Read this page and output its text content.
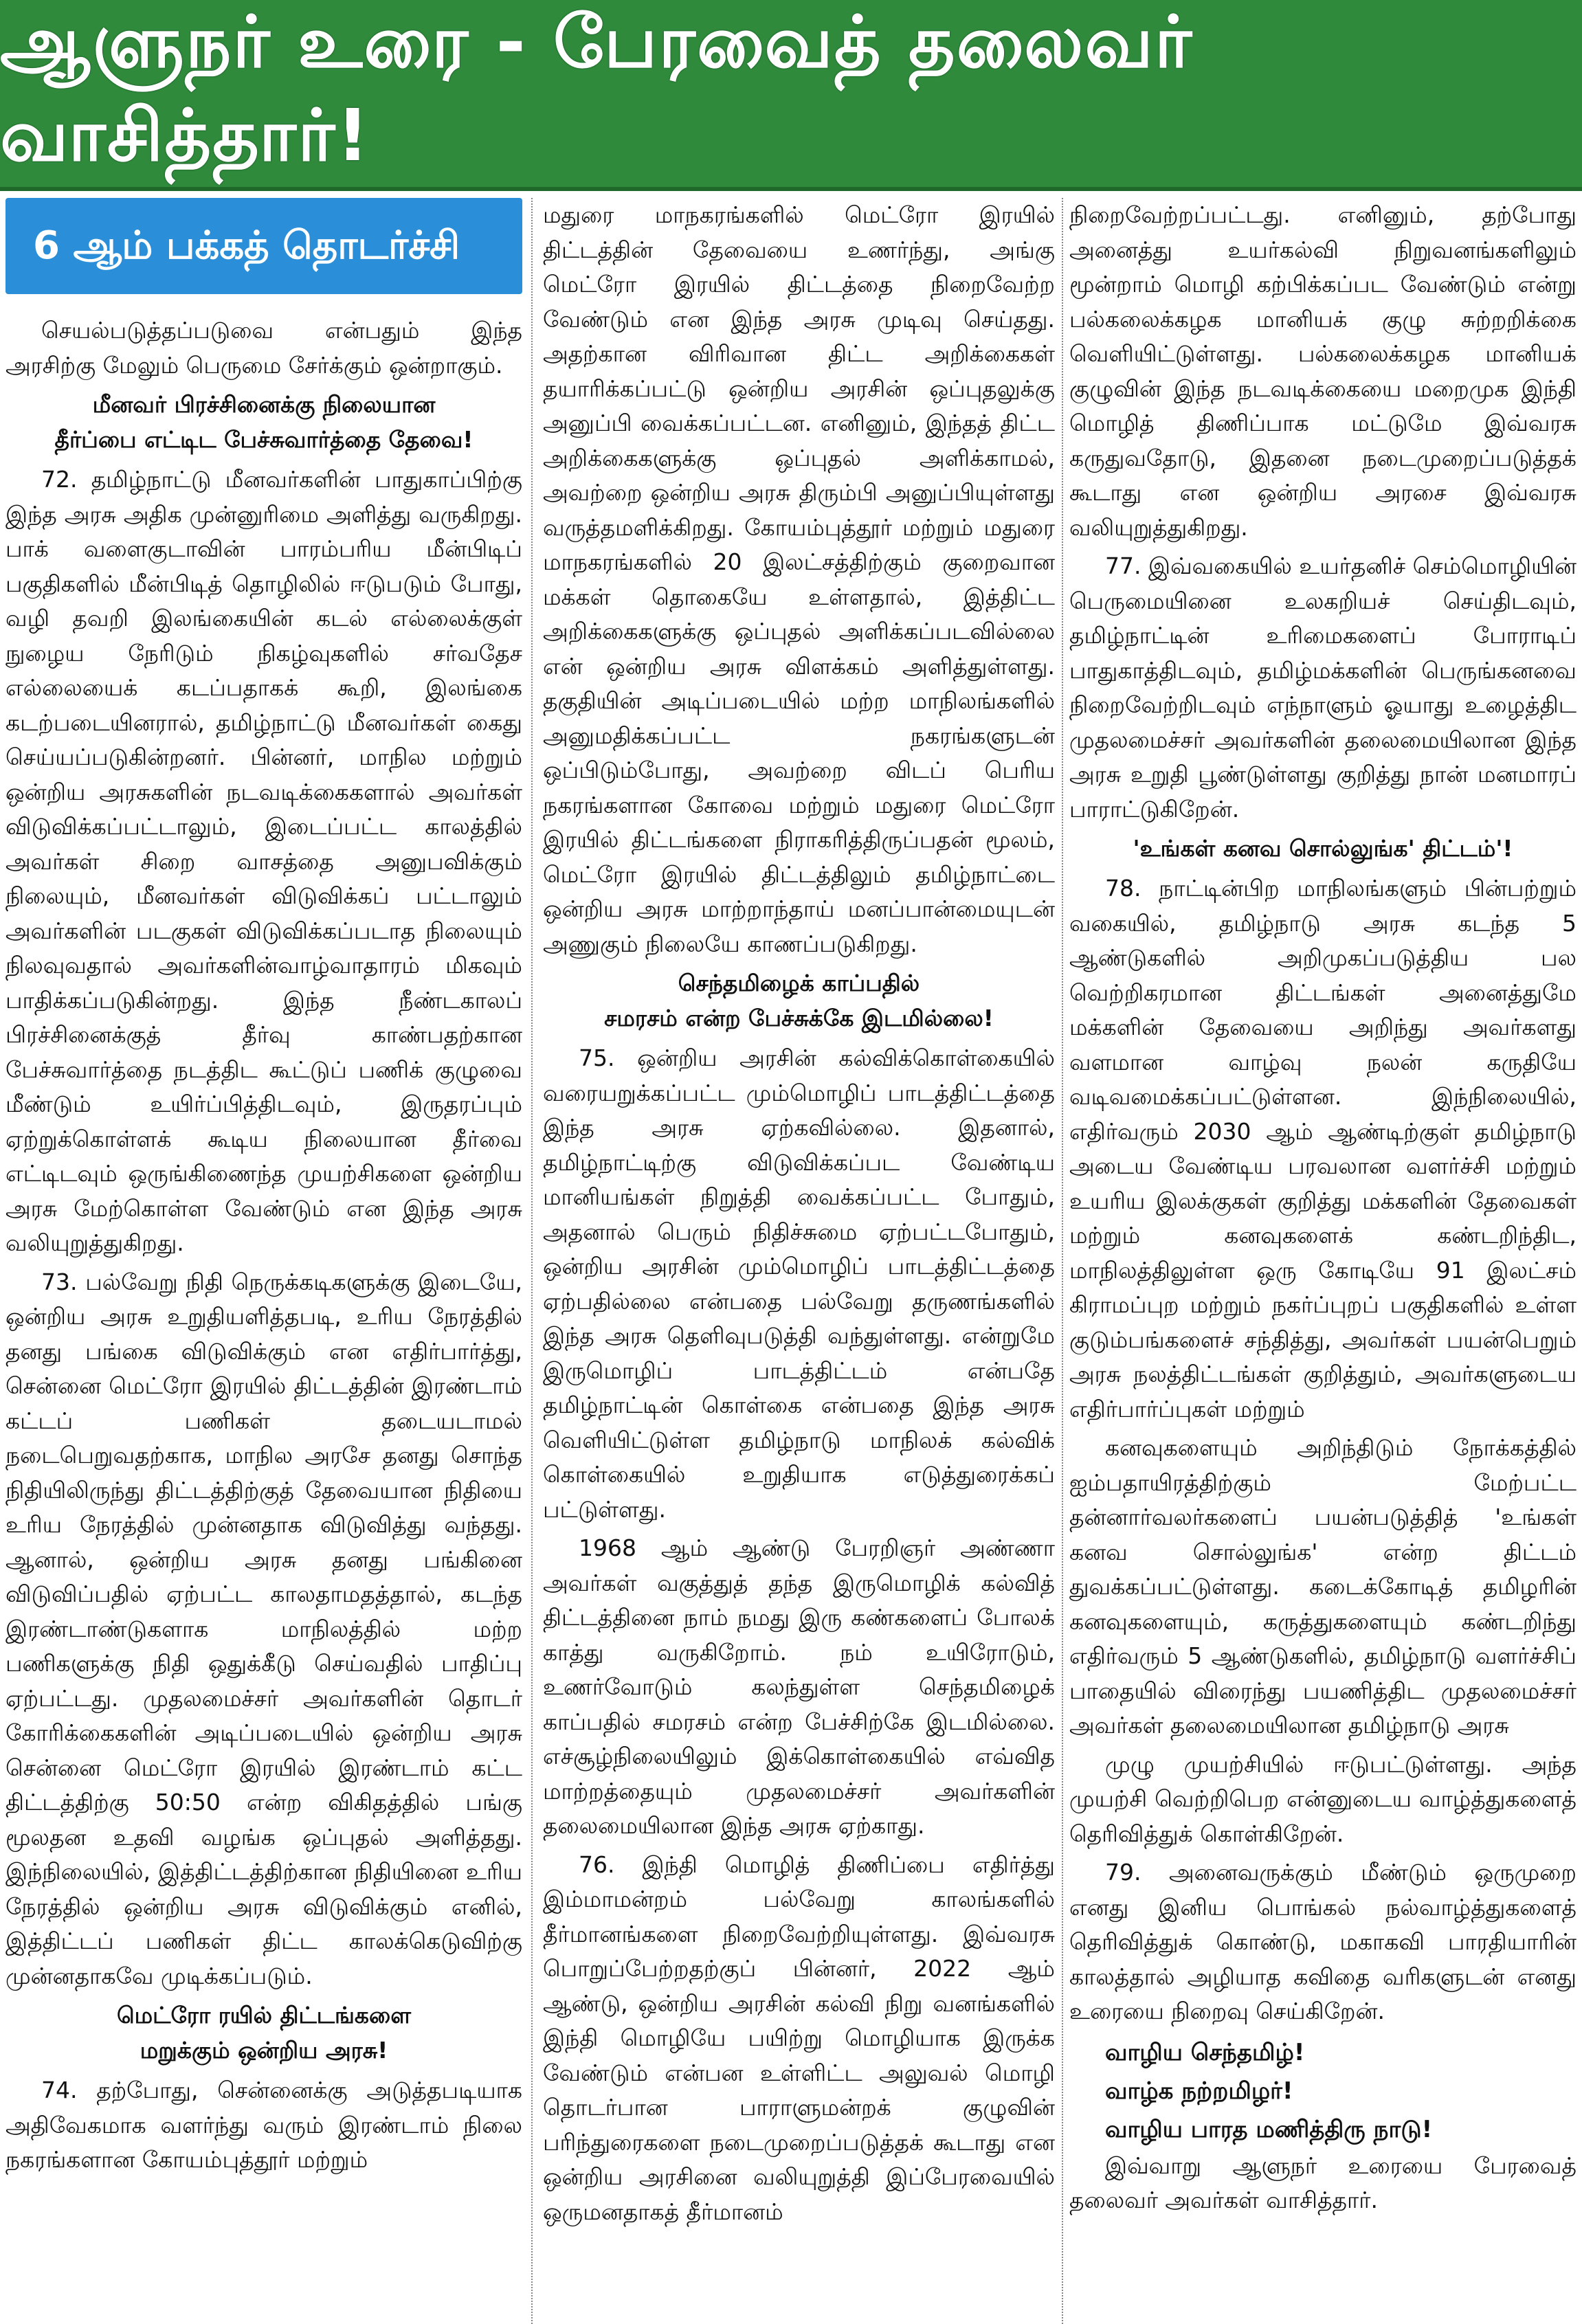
ஆளுநர் உரை - பேரவைத் தலைவர் வாசித்தார்!
6 ஆம் பக்கத் தொடர்ச்சி

செயல்படுத்தப்படுவை என்பதும் இந்த அரசிற்கு மேலும் பெருமை சேர்க்கும் ஒன்றாகும்.

மீனவர் பிரச்சினைக்கு நிலையான
தீர்ப்பை எட்டிட பேச்சுவார்த்தை தேவை!

72. தமிழ்நாட்டு மீனவர்களின் பாதுகாப்பிற்கு இந்த அரசு அதிக முன்னுரிமை அளித்து வருகிறது. பாக் வளைகுடாவின் பாரம்பரிய மீன்பிடிப் பகுதிகளில் மீன்பிடித் தொழிலில் ஈடுபடும் போது, வழி தவறி இலங்கையின் கடல் எல்லைக்குள் நுழைய நேரிடும் நிகழ்வுகளில் சர்வதேச எல்லையைக் கடப்பதாகக் கூறி, இலங்கை கடற்படையினரால், தமிழ்நாட்டு மீனவர்கள் கைது செய்யப்படுகின்றனர். பின்னர், மாநில மற்றும் ஒன்றிய அரசுகளின் நடவடிக்கைகளால் அவர்கள் விடுவிக்கப்பட்டாலும், இடைப்பட்ட காலத்தில் அவர்கள் சிறை வாசத்தை அனுபவிக்கும் நிலையும், மீனவர்கள் விடுவிக்கப் பட்டாலும் அவர்களின் படகுகள் விடுவிக்கப்படாத நிலையும் நிலவுவதால் அவர்களின்வாழ்வாதாரம் மிகவும் பாதிக்கப்படுகின்றது. இந்த நீண்டகாலப் பிரச்சினைக்குத் தீர்வு காண்பதற்கான பேச்சுவார்த்தை நடத்திட கூட்டுப் பணிக் குழுவை மீண்டும் உயிர்ப்பித்திடவும், இருதரப்பும் ஏற்றுக்கொள்ளக் கூடிய நிலையான தீர்வை எட்டிடவும் ஒருங்கிணைந்த முயற்சிகளை ஒன்றிய அரசு மேற்கொள்ள வேண்டும் என இந்த அரசு வலியுறுத்துகிறது.

73. பல்வேறு நிதி நெருக்கடிகளுக்கு இடையே, ஒன்றிய அரசு உறுதியளித்தபடி, உரிய நேரத்தில் தனது பங்கை விடுவிக்கும் என எதிர்பார்த்து, சென்னை மெட்ரோ இரயில் திட்டத்தின் இரண்டாம் கட்டப் பணிகள் தடையடாமல் நடைபெறுவதற்காக, மாநில அரசே தனது சொந்த நிதியிலிருந்து திட்டத்திற்குத் தேவையான நிதியை உரிய நேரத்தில் முன்னதாக விடுவித்து வந்தது. ஆனால், ஒன்றிய அரசு தனது பங்கினை விடுவிப்பதில் ஏற்பட்ட காலதாமதத்தால், கடந்த இரண்டாண்டுகளாக மாநிலத்தில் மற்ற பணிகளுக்கு நிதி ஒதுக்கீடு செய்வதில் பாதிப்பு ஏற்பட்டது. முதலமைச்சர் அவர்களின் தொடர் கோரிக்கைகளின் அடிப்படையில் ஒன்றிய அரசு சென்னை மெட்ரோ இரயில் இரண்டாம் கட்ட திட்டத்திற்கு 50:50 என்ற விகிதத்தில் பங்கு மூலதன உதவி வழங்க ஒப்புதல் அளித்தது. இந்நிலையில், இத்திட்டத்திற்கான நிதியினை உரிய நேரத்தில் ஒன்றிய அரசு விடுவிக்கும் எனில், இத்திட்டப் பணிகள் திட்ட காலக்கெடுவிற்கு முன்னதாகவே முடிக்கப்படும்.

மெட்ரோ ரயில் திட்டங்களை
மறுக்கும் ஒன்றிய அரசு!

74. தற்போது, சென்னைக்கு அடுத்தபடியாக அதிவேகமாக வளர்ந்து வரும் இரண்டாம் நிலை நகரங்களான கோயம்புத்தூர் மற்றும்

மதுரை மாநகரங்களில் மெட்ரோ இரயில் திட்டத்தின் தேவையை உணர்ந்து, அங்கு மெட்ரோ இரயில் திட்டத்தை நிறைவேற்ற வேண்டும் என இந்த அரசு முடிவு செய்தது. அதற்கான விரிவான திட்ட அறிக்கைகள் தயாரிக்கப்பட்டு ஒன்றிய அரசின் ஒப்புதலுக்கு அனுப்பி வைக்கப்பட்டன. எனினும், இந்தத் திட்ட அறிக்கைகளுக்கு ஒப்புதல் அளிக்காமல், அவற்றை ஒன்றிய அரசு திரும்பி அனுப்பியுள்ளது வருத்தமளிக்கிறது. கோயம்புத்தூர் மற்றும் மதுரை மாநகரங்களில் 20 இலட்சத்திற்கும் குறைவான மக்கள் தொகையே உள்ளதால், இத்திட்ட அறிக்கைகளுக்கு ஒப்புதல் அளிக்கப்படவில்லை என் ஒன்றிய அரசு விளக்கம் அளித்துள்ளது. தகுதியின் அடிப்படையில் மற்ற மாநிலங்களில் அனுமதிக்கப்பட்ட நகரங்களுடன் ஒப்பிடும்போது, அவற்றை விடப் பெரிய நகரங்களான கோவை மற்றும் மதுரை மெட்ரோ இரயில் திட்டங்களை நிராகரித்திருப்பதன் மூலம், மெட்ரோ இரயில் திட்டத்திலும் தமிழ்நாட்டை ஒன்றிய அரசு மாற்றாந்தாய் மனப்பான்மையுடன் அணுகும் நிலையே காணப்படுகிறது.

செந்தமிழைக் காப்பதில்
சமரசம் என்ற பேச்சுக்கே இடமில்லை!

75. ஒன்றிய அரசின் கல்விக்கொள்கையில் வரையறுக்கப்பட்ட மும்மொழிப் பாடத்திட்டத்தை இந்த அரசு ஏற்கவில்லை. இதனால், தமிழ்நாட்டிற்கு விடுவிக்கப்பட வேண்டிய மானியங்கள் நிறுத்தி வைக்கப்பட்ட போதும், அதனால் பெரும் நிதிச்சுமை ஏற்பட்டபோதும், ஒன்றிய அரசின் மும்மொழிப் பாடத்திட்டத்தை ஏற்பதில்லை என்பதை பல்வேறு தருணங்களில் இந்த அரசு தெளிவுபடுத்தி வந்துள்ளது. என்றுமே இருமொழிப் பாடத்திட்டம் என்பதே தமிழ்நாட்டின் கொள்கை என்பதை இந்த அரசு வெளியிட்டுள்ள தமிழ்நாடு மாநிலக் கல்விக் கொள்கையில் உறுதியாக எடுத்துரைக்கப் பட்டுள்ளது.

1968 ஆம் ஆண்டு பேரறிஞர் அண்ணா அவர்கள் வகுத்துத் தந்த இருமொழிக் கல்வித் திட்டத்தினை நாம் நமது இரு கண்களைப் போலக் காத்து வருகிறோம். நம் உயிரோடும், உணர்வோடும் கலந்துள்ள செந்தமிழைக் காப்பதில் சமரசம் என்ற பேச்சிற்கே இடமில்லை. எச்சூழ்நிலையிலும் இக்கொள்கையில் எவ்வித மாற்றத்தையும் முதலமைச்சர் அவர்களின் தலைமையிலான இந்த அரசு ஏற்காது.

76. இந்தி மொழித் திணிப்பை எதிர்த்து இம்மாமன்றம் பல்வேறு காலங்களில் தீர்மானங்களை நிறைவேற்றியுள்ளது. இவ்வரசு பொறுப்பேற்றதற்குப் பின்னர், 2022 ஆம் ஆண்டு, ஒன்றிய அரசின் கல்வி நிறு வனங்களில் இந்தி மொழியே பயிற்று மொழியாக இருக்க வேண்டும் என்பன உள்ளிட்ட அலுவல் மொழி தொடர்பான பாராளுமன்றக் குழுவின் பரிந்துரைகளை நடைமுறைப்படுத்தக் கூடாது என ஒன்றிய அரசினை வலியுறுத்தி இப்பேரவையில் ஒருமனதாகத் தீர்மானம்

நிறைவேற்றப்பட்டது. எனினும், தற்போது அனைத்து உயர்கல்வி நிறுவனங்களிலும் மூன்றாம் மொழி கற்பிக்கப்பட வேண்டும் என்று பல்கலைக்கழக மானியக் குழு சுற்றறிக்கை வெளியிட்டுள்ளது. பல்கலைக்கழக மானியக் குழுவின் இந்த நடவடிக்கையை மறைமுக இந்தி மொழித் திணிப்பாக மட்டுமே இவ்வரசு கருதுவதோடு, இதனை நடைமுறைப்படுத்தக் கூடாது என ஒன்றிய அரசை இவ்வரசு வலியுறுத்துகிறது.

77. இவ்வகையில் உயர்தனிச் செம்மொழியின் பெருமையினை உலகறியச் செய்திடவும், தமிழ்நாட்டின் உரிமைகளைப் போராடிப் பாதுகாத்திடவும், தமிழ்மக்களின் பெருங்கனவை நிறைவேற்றிடவும் எந்நாளும் ஓயாது உழைத்திட முதலமைச்சர் அவர்களின் தலைமையிலான இந்த அரசு உறுதி பூண்டுள்ளது குறித்து நான் மனமாரப் பாராட்டுகிறேன்.

'உங்கள் கனவ சொல்லுங்க' திட்டம்'!

78. நாட்டின்பிற மாநிலங்களும் பின்பற்றும் வகையில், தமிழ்நாடு அரசு கடந்த 5 ஆண்டுகளில் அறிமுகப்படுத்திய பல வெற்றிகரமான திட்டங்கள் அனைத்துமே மக்களின் தேவையை அறிந்து அவர்களது வளமான வாழ்வு நலன் கருதியே வடிவமைக்கப்பட்டுள்ளன. இந்நிலையில், எதிர்வரும் 2030 ஆம் ஆண்டிற்குள் தமிழ்நாடு அடைய வேண்டிய பரவலான வளர்ச்சி மற்றும் உயரிய இலக்குகள் குறித்து மக்களின் தேவைகள் மற்றும் கனவுகளைக் கண்டறிந்திட, மாநிலத்திலுள்ள ஒரு கோடியே 91 இலட்சம் கிராமப்புற மற்றும் நகர்ப்புறப் பகுதிகளில் உள்ள குடும்பங்களைச் சந்தித்து, அவர்கள் பயன்பெறும் அரசு நலத்திட்டங்கள் குறித்தும், அவர்களுடைய எதிர்பார்ப்புகள் மற்றும்

கனவுகளையும் அறிந்திடும் நோக்கத்தில் ஐம்பதாயிரத்திற்கும் மேற்பட்ட தன்னார்வலர்களைப் பயன்படுத்தித் 'உங்கள் கனவ சொல்லுங்க' என்ற திட்டம் துவக்கப்பட்டுள்ளது. கடைக்கோடித் தமிழரின் கனவுகளையும், கருத்துகளையும் கண்டறிந்து எதிர்வரும் 5 ஆண்டுகளில், தமிழ்நாடு வளர்ச்சிப் பாதையில் விரைந்து பயணித்திட முதலமைச்சர் அவர்கள் தலைமையிலான தமிழ்நாடு அரசு

முழு முயற்சியில் ஈடுபட்டுள்ளது. அந்த முயற்சி வெற்றிபெற என்னுடைய வாழ்த்துகளைத் தெரிவித்துக் கொள்கிறேன்.

79. அனைவருக்கும் மீண்டும் ஒருமுறை எனது இனிய பொங்கல் நல்வாழ்த்துகளைத் தெரிவித்துக் கொண்டு, மகாகவி பாரதியாரின் காலத்தால் அழியாத கவிதை வரிகளுடன் எனது உரையை நிறைவு செய்கிறேன்.

வாழிய செந்தமிழ்!

வாழ்க நற்றமிழர்!

வாழிய பாரத மணித்திரு நாடு!

இவ்வாறு ஆளுநர் உரையை பேரவைத் தலைவர் அவர்கள் வாசித்தார்.
